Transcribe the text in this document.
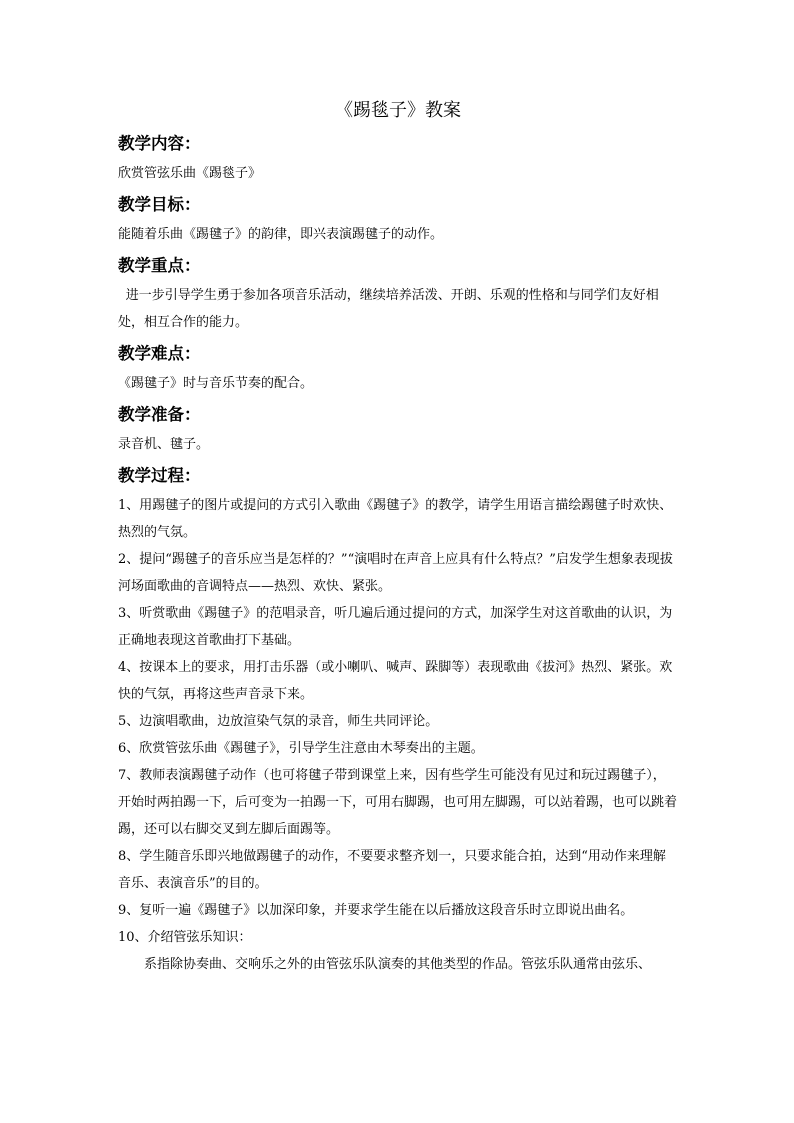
《踢毯子》教案
教学内容：

欣赏管弦乐曲《踢毯子》

教学目标：

能随着乐曲《踢毽子》的韵律，即兴表演踢毽子的动作。

教学重点：

进一步引导学生勇于参加各项音乐活动，继续培养活泼、开朗、乐观的性格和与同学们友好相处，相互合作的能力。

教学难点：

《踢毽子》时与音乐节奏的配合。

教学准备：

录音机、毽子。

教学过程：

1、用踢毽子的图片或提问的方式引入歌曲《踢毽子》的教学，请学生用语言描绘踢毽子时欢快、热烈的气氛。

2、提问“踢毽子的音乐应当是怎样的？”“演唱时在声音上应具有什么特点？”启发学生想象表现拔河场面歌曲的音调特点——热烈、欢快、紧张。

3、听赏歌曲《踢毽子》的范唱录音，听几遍后通过提问的方式，加深学生对这首歌曲的认识，为正确地表现这首歌曲打下基础。

4、按课本上的要求，用打击乐器（或小喇叭、喊声、跺脚等）表现歌曲《拔河》热烈、紧张。欢快的气氛，再将这些声音录下来。

5、边演唱歌曲，边放渲染气氛的录音，师生共同评论。

6、欣赏管弦乐曲《踢毽子》，引导学生注意由木琴奏出的主题。

7、教师表演踢毽子动作（也可将毽子带到课堂上来，因有些学生可能没有见过和玩过踢毽子），开始时两拍踢一下，后可变为一拍踢一下，可用右脚踢，也可用左脚踢，可以站着踢，也可以跳着踢，还可以右脚交叉到左脚后面踢等。

8、学生随音乐即兴地做踢毽子的动作，不要要求整齐划一，只要求能合拍，达到“用动作来理解音乐、表演音乐”的目的。

9、复听一遍《踢毽子》以加深印象，并要求学生能在以后播放这段音乐时立即说出曲名。

10、介绍管弦乐知识：

系指除协奏曲、交响乐之外的由管弦乐队演奏的其他类型的作品。管弦乐队通常由弦乐、
